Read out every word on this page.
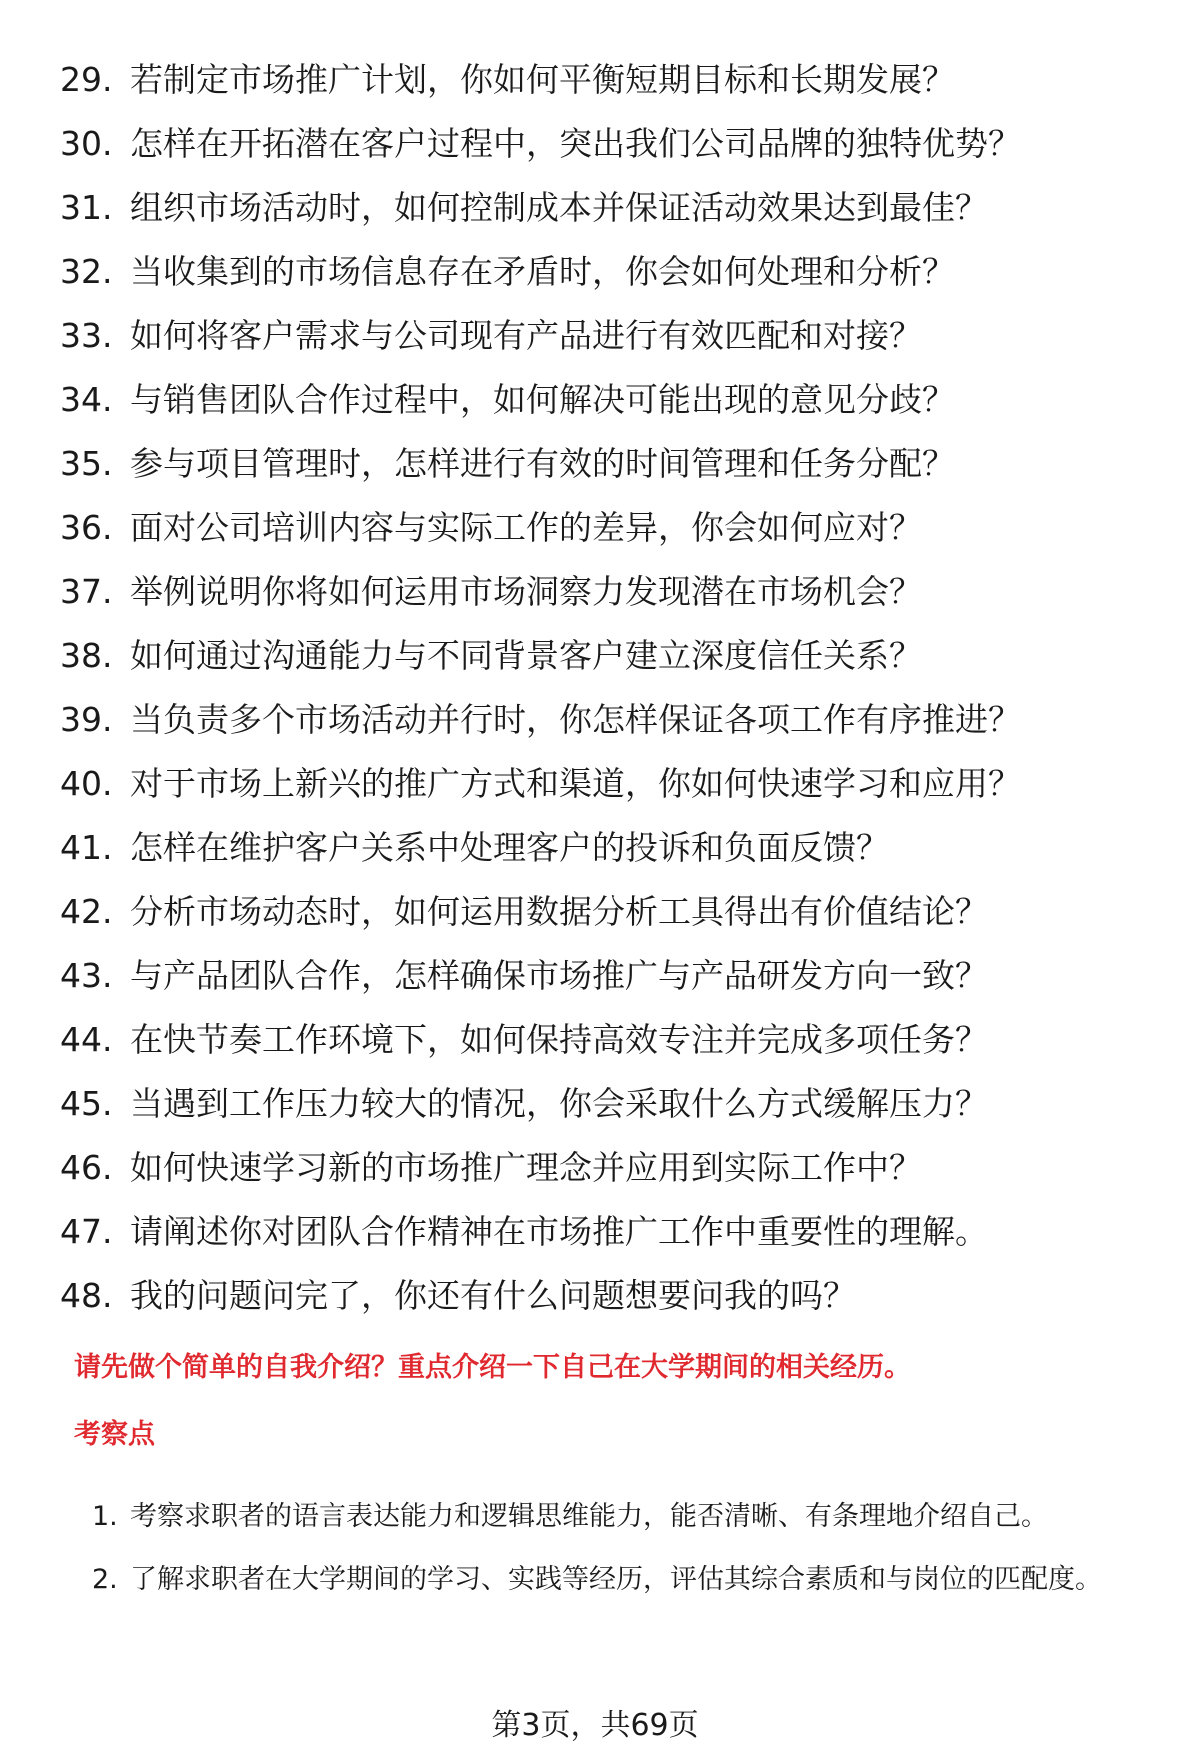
29. 若制定市场推广计划，你如何平衡短期目标和长期发展？
30. 怎样在开拓潜在客户过程中，突出我们公司品牌的独特优势？
31. 组织市场活动时，如何控制成本并保证活动效果达到最佳？
32. 当收集到的市场信息存在矛盾时，你会如何处理和分析？
33. 如何将客户需求与公司现有产品进行有效匹配和对接？
34. 与销售团队合作过程中，如何解决可能出现的意见分歧？
35. 参与项目管理时，怎样进行有效的时间管理和任务分配？
36. 面对公司培训内容与实际工作的差异，你会如何应对？
37. 举例说明你将如何运用市场洞察力发现潜在市场机会？
38. 如何通过沟通能力与不同背景客户建立深度信任关系？
39. 当负责多个市场活动并行时，你怎样保证各项工作有序推进？
40. 对于市场上新兴的推广方式和渠道，你如何快速学习和应用？
41. 怎样在维护客户关系中处理客户的投诉和负面反馈？
42. 分析市场动态时，如何运用数据分析工具得出有价值结论？
43. 与产品团队合作，怎样确保市场推广与产品研发方向一致？
44. 在快节奏工作环境下，如何保持高效专注并完成多项任务？
45. 当遇到工作压力较大的情况，你会采取什么方式缓解压力？
46. 如何快速学习新的市场推广理念并应用到实际工作中？
47. 请阐述你对团队合作精神在市场推广工作中重要性的理解。
48. 我的问题问完了，你还有什么问题想要问我的吗？
请先做个简单的自我介绍？重点介绍一下自己在大学期间的相关经历。
考察点
1. 考察求职者的语言表达能力和逻辑思维能力，能否清晰、有条理地介绍自己。
2. 了解求职者在大学期间的学习、实践等经历，评估其综合素质和与岗位的匹配度。
第3页，共69页
